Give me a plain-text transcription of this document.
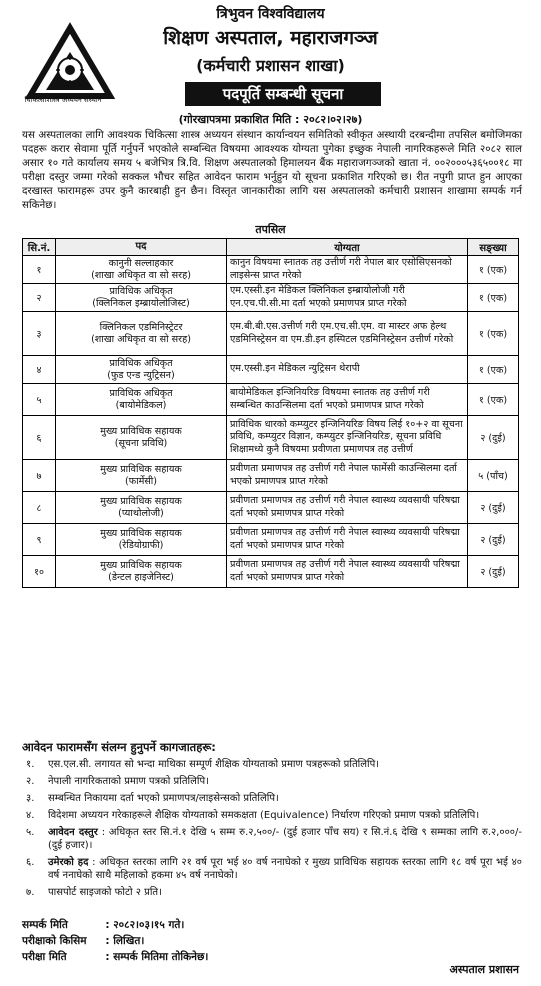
चिकित्साशास्त्र अध्ययन संस्थान
त्रिभुवन विश्वविद्यालय
शिक्षण अस्पताल, महाराजगञ्ज
(कर्मचारी प्रशासन शाखा)
पदपूर्ति सम्बन्धी सूचना
(गोरखापत्रमा प्रकाशित मिति : २०८२।०२।२७)
यस अस्पतालका लागि आवश्यक चिकित्सा शास्त्र अध्ययन संस्थान कार्यान्वयन समितिको स्वीकृत अस्थायी दरबन्दीमा तपसिल बमोजिमका पदहरू करार सेवामा पूर्ति गर्नुपर्ने भएकोले सम्बन्धित विषयमा आवश्यक योग्यता पुगेका इच्छुक नेपाली नागरिकहरूले मिति २०८२ साल असार १० गते कार्यालय समय ५ बजेभित्र त्रि.वि. शिक्षण अस्पतालको हिमालयन बैंक महाराजगञ्जको खाता नं. ००२०००५३६५००१८ मा परीक्षा दस्तुर जम्मा गरेको सक्कल भौचर सहित आवेदन फाराम भर्नुहुन यो सूचना प्रकाशित गरिएको छ। रीत नपुगी प्राप्त हुन आएका दरखास्त फारामहरू उपर कुनै कारबाही हुन छैन। विस्तृत जानकारीका लागि यस अस्पतालको कर्मचारी प्रशासन शाखामा सम्पर्क गर्न सकिनेछ।
तपसिल
सि.नं.	पद	योग्यता	सङ्ख्या
१	कानुनी सल्लाहकार
(शाखा अधिकृत वा सो सरह)	कानुन विषयमा स्नातक तह उत्तीर्ण गरी नेपाल बार एसोसिएसनको लाइसेन्स प्राप्त गरेको	१ (एक)
२	प्राविधिक अधिकृत
(क्लिनिकल इम्ब्रायोलोजिस्ट)	एम.एस्सी.इन मेडिकल क्लिनिकल इम्ब्रायोलोजी गरी एन.एच.पी.सी.मा दर्ता भएको प्रमाणपत्र प्राप्त गरेको	१ (एक)
३	क्लिनिकल एडमिनिस्ट्रेटर
(शाखा अधिकृत वा सो सरह)	एम.बी.बी.एस.उत्तीर्ण गरी एम.एच.सी.एम. वा मास्टर अफ हेल्थ एडमिनिस्ट्रेसन वा एम.डी.इन हस्पिटल एडमिनिस्ट्रेसन उत्तीर्ण गरेको	१ (एक)
४	प्राविधिक अधिकृत
(फुड एन्ड न्युट्रिसन)	एम.एस्सी.इन मेडिकल न्युट्रिसन थेरापी	१ (एक)
५	प्राविधिक अधिकृत
(बायोमेडिकल)	बायोमेडिकल इन्जिनियरिङ विषयमा स्नातक तह उत्तीर्ण गरी सम्बन्धित काउन्सिलमा दर्ता भएको प्रमाणपत्र प्राप्त गरेको	१ (एक)
६	मुख्य प्राविधिक सहायक
(सूचना प्रविधि)	प्राविधिक धारको कम्प्युटर इन्जिनियरिङ विषय लिई १०+२ वा सूचना प्रविधि, कम्प्युटर विज्ञान, कम्प्युटर इन्जिनियरिङ, सूचना प्रविधि शिक्षामध्ये कुनै विषयमा प्रवीणता प्रमाणपत्र तह उत्तीर्ण	२ (दुई)
७	मुख्य प्राविधिक सहायक
(फार्मेसी)	प्रवीणता प्रमाणपत्र तह उत्तीर्ण गरी नेपाल फार्मेसी काउन्सिलमा दर्ता भएको प्रमाणपत्र प्राप्त गरेको	५ (पाँच)
८	मुख्य प्राविधिक सहायक
(प्याथोलोजी)	प्रवीणता प्रमाणपत्र तह उत्तीर्ण गरी नेपाल स्वास्थ्य व्यवसायी परिषद्मा दर्ता भएको प्रमाणपत्र प्राप्त गरेको	२ (दुई)
९	मुख्य प्राविधिक सहायक
(रेडियोग्राफी)	प्रवीणता प्रमाणपत्र तह उत्तीर्ण गरी नेपाल स्वास्थ्य व्यवसायी परिषद्मा दर्ता भएको प्रमाणपत्र प्राप्त गरेको	२ (दुई)
१०	मुख्य प्राविधिक सहायक
(डेन्टल हाइजेनिस्ट)	प्रवीणता प्रमाणपत्र तह उत्तीर्ण गरी नेपाल स्वास्थ्य व्यवसायी परिषद्मा दर्ता भएको प्रमाणपत्र प्राप्त गरेको	२ (दुई)
आवेदन फारामसँग संलग्न हुनुपर्ने कागजातहरू:
१. एस.एल.सी. लगायत सो भन्दा माथिका सम्पूर्ण शैक्षिक योग्यताको प्रमाण पत्रहरूको प्रतिलिपि।
२. नेपाली नागरिकताको प्रमाण पत्रको प्रतिलिपि।
३. सम्बन्धित निकायमा दर्ता भएको प्रमाणपत्र/लाइसेन्सको प्रतिलिपि।
४. विदेशमा अध्ययन गरेकाहरूले शैक्षिक योग्यताको समकक्षता (Equivalence) निर्धारण गरिएको प्रमाण पत्रको प्रतिलिपि।
५. आवेदन दस्तुर : अधिकृत स्तर सि.नं.१ देखि ५ सम्म रु.२,५००/- (दुई हजार पाँच सय) र सि.नं.६ देखि ९ सम्मका लागि रु.२,०००/- (दुई हजार)।
६. उमेरको हद : अधिकृत स्तरका लागि २१ वर्ष पूरा भई ४० वर्ष ननाघेको र मुख्य प्राविधिक सहायक स्तरका लागि १८ वर्ष पूरा भई ४० वर्ष ननाघेको साथै महिलाको हकमा ४५ वर्ष ननाघेको।
७. पासपोर्ट साइजको फोटो २ प्रति।
सम्पर्क मिति	: २०८२।०३।१५ गते।
परीक्षाको किसिम : लिखित।
परीक्षा मिति	: सम्पर्क मितिमा तोकिनेछ।
अस्पताल प्रशासन
